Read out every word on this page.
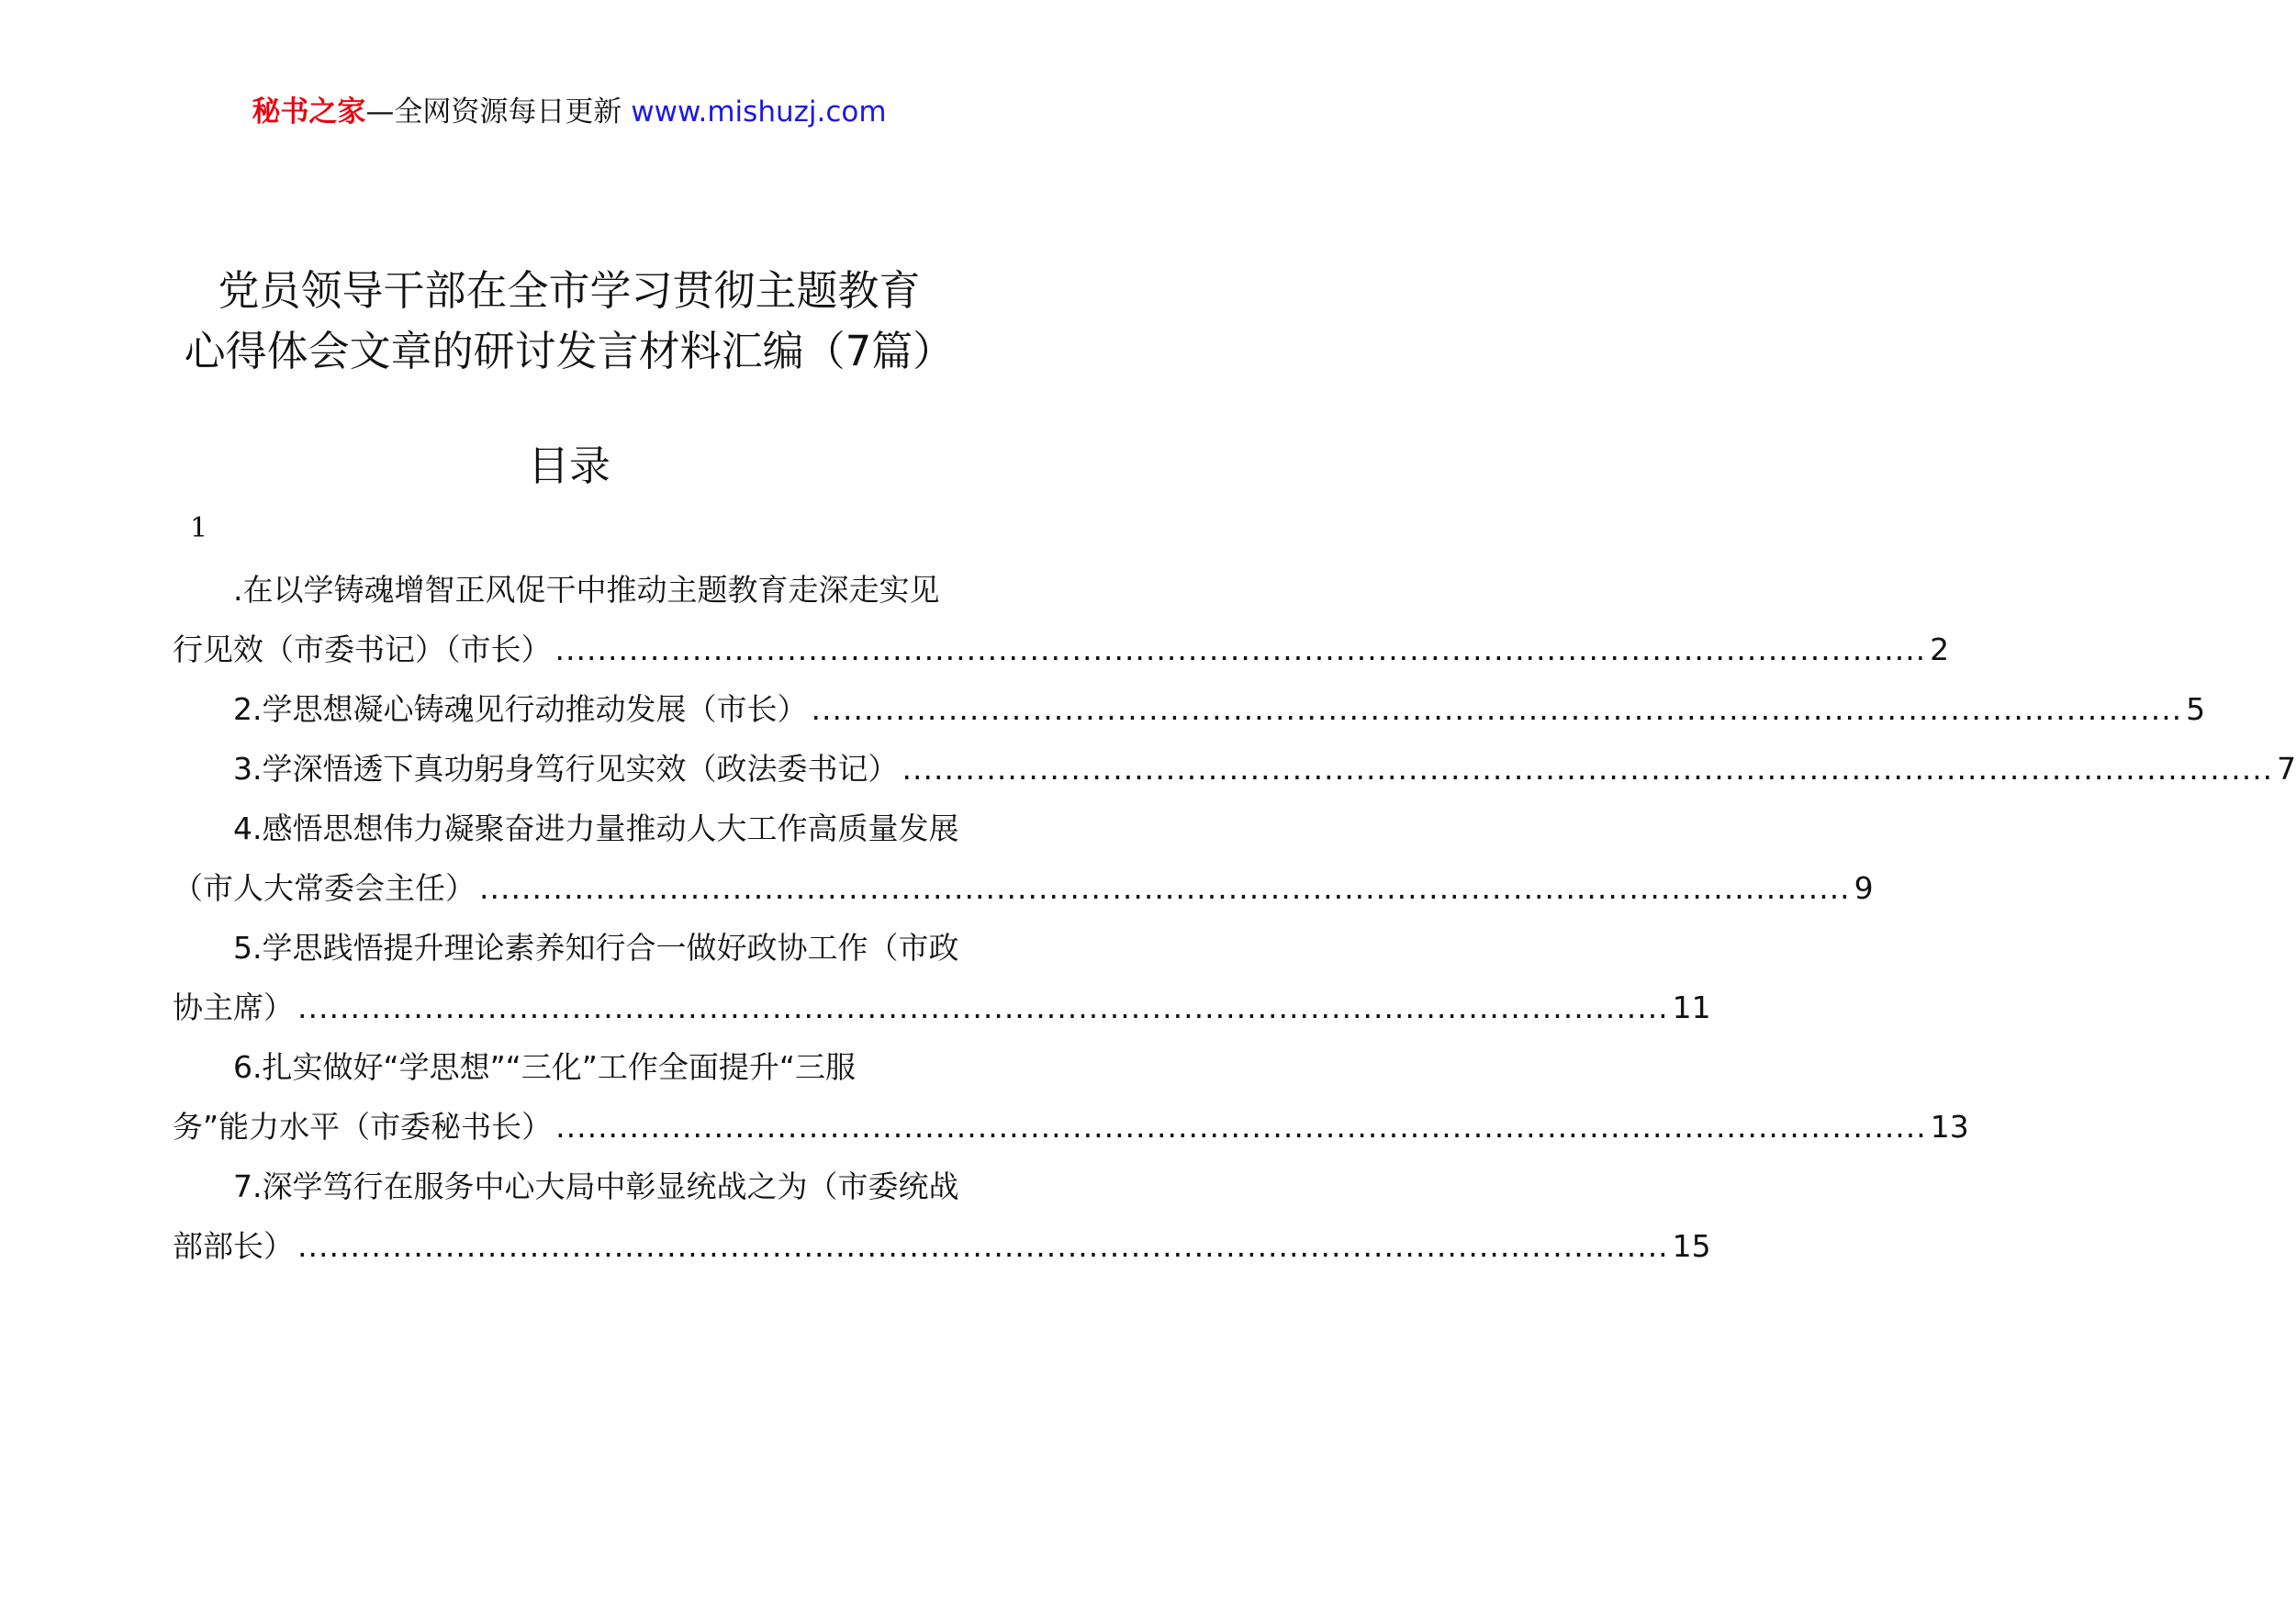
秘书之家—全网资源每日更新 www.mishuzj.com
党员领导干部在全市学习贯彻主题教育
心得体会文章的研讨发言材料汇编（7篇）
目录
1
.在以学铸魂增智正风促干中推动主题教育走深走实见
行见效（市委书记）（市长） .................................................................................................................................. 2
2.学思想凝心铸魂见行动推动发展（市长） .................................................................................................................................. 5
3.学深悟透下真功躬身笃行见实效（政法委书记） .................................................................................................................................. 7
4.感悟思想伟力凝聚奋进力量推动人大工作高质量发展
（市人大常委会主任） .................................................................................................................................. 9
5.学思践悟提升理论素养知行合一做好政协工作（市政
协主席） .................................................................................................................................. 11
6.扎实做好“学思想”“三化”工作全面提升“三服
务”能力水平（市委秘书长） .................................................................................................................................. 13
7.深学笃行在服务中心大局中彰显统战之为（市委统战
部部长） .................................................................................................................................. 15
